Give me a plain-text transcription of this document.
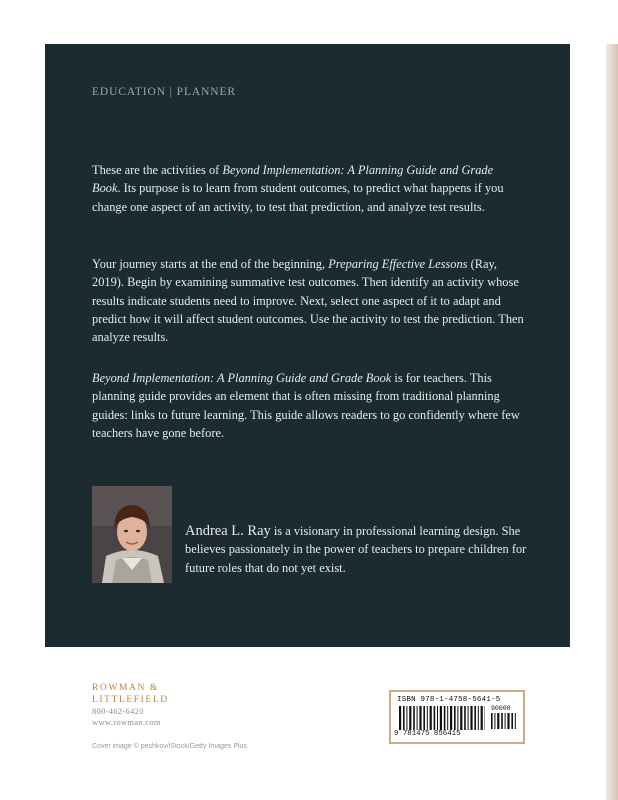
EDUCATION | PLANNER

These are the activities of Beyond Implementation: A Planning Guide and Grade Book. Its purpose is to learn from student outcomes, to predict what happens if you change one aspect of an activity, to test that prediction, and analyze test results.

Your journey starts at the end of the beginning, Preparing Effective Lessons (Ray, 2019). Begin by examining summative test outcomes. Then identify an activity whose results indicate students need to improve. Next, select one aspect of it to adapt and predict how it will affect student outcomes. Use the activity to test the prediction. Then analyze results.

Beyond Implementation: A Planning Guide and Grade Book is for teachers. This planning guide provides an element that is often missing from traditional planning guides: links to future learning. This guide allows readers to go confidently where few teachers have gone before.

Andrea L. Ray is a visionary in professional learning design. She believes passionately in the power of teachers to prepare children for future roles that do not yet exist.

ROWMAN &
LITTLEFIELD
800-462-6420
www.rowman.com
Cover image © peshkov/iStock/Getty Images Plus
ISBN 978-1-4758-5641-5
90000
9 781475 856415
